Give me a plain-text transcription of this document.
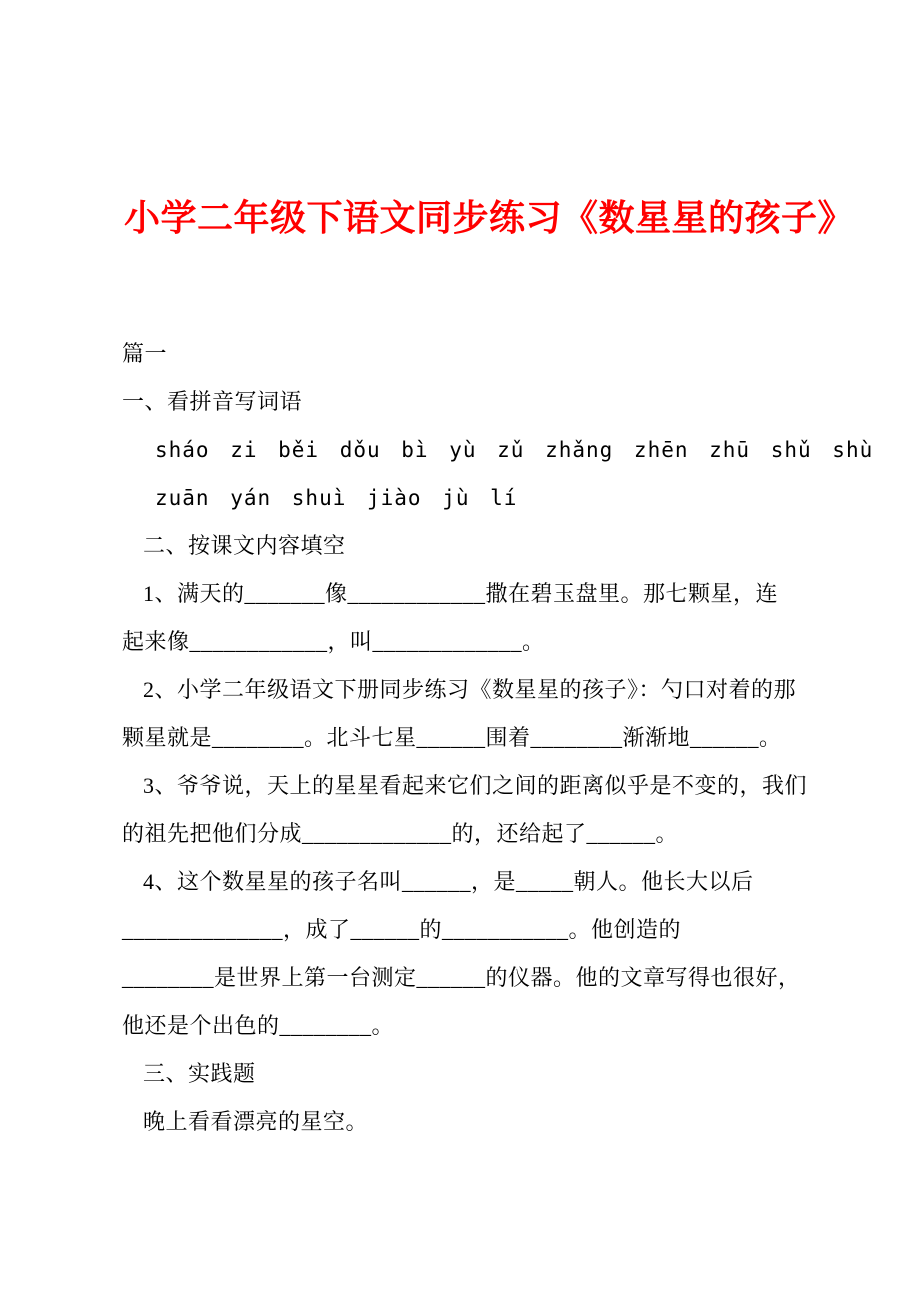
小学二年级下语文同步练习《数星星的孩子》
篇一
一、看拼音写词语
sháo zi běi dǒu bì yù zǔ zhǎng zhēn zhū shǔ shù
zuān yán shuì jiào jù lí
二、按课文内容填空
1、满天的_______像____________撒在碧玉盘里。那七颗星，连
起来像____________，叫_____________。
2、小学二年级语文下册同步练习《数星星的孩子》：勺口对着的那
颗星就是________。北斗七星______围着________渐渐地______。
3、爷爷说，天上的星星看起来它们之间的距离似乎是不变的，我们
的祖先把他们分成_____________的，还给起了______。
4、这个数星星的孩子名叫______，是_____朝人。他长大以后
______________，成了______的___________。他创造的
________是世界上第一台测定______的仪器。他的文章写得也很好，
他还是个出色的________。
三、实践题
晚上看看漂亮的星空。
